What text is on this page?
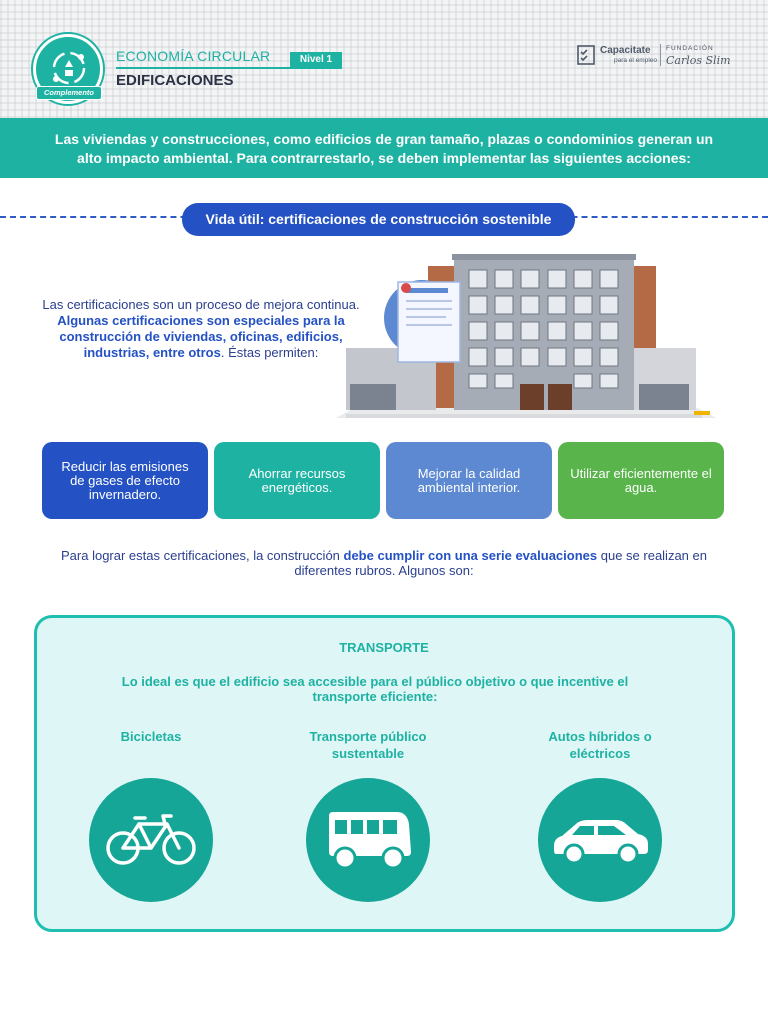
Complemento
ECONOMÍA CIRCULAR	Nivel 1
EDIFICACIONES
Capacitate
para el empleo
FUNDACIÓN
Carlos Slim
Las viviendas y construcciones, como edificios de gran tamaño, plazas o condominios generan un
alto impacto ambiental. Para contrarrestarlo, se deben implementar las siguientes acciones:
Vida útil: certificaciones de construcción sostenible
Las certificaciones son un proceso de mejora continua. Algunas certificaciones son especiales para la construcción de viviendas, oficinas, edificios, industrias, entre otros. Éstas permiten:
Reducir las emisiones de gases de efecto invernadero.
Ahorrar recursos energéticos.
Mejorar la calidad ambiental interior.
Utilizar eficientemente el agua.
Para lograr estas certificaciones, la construcción debe cumplir con una serie evaluaciones que se realizan en diferentes rubros. Algunos son:
TRANSPORTE
Lo ideal es que el edificio sea accesible para el público objetivo o que incentive el transporte eficiente:
Bicicletas	Transporte público sustentable
Autos híbridos o eléctricos
